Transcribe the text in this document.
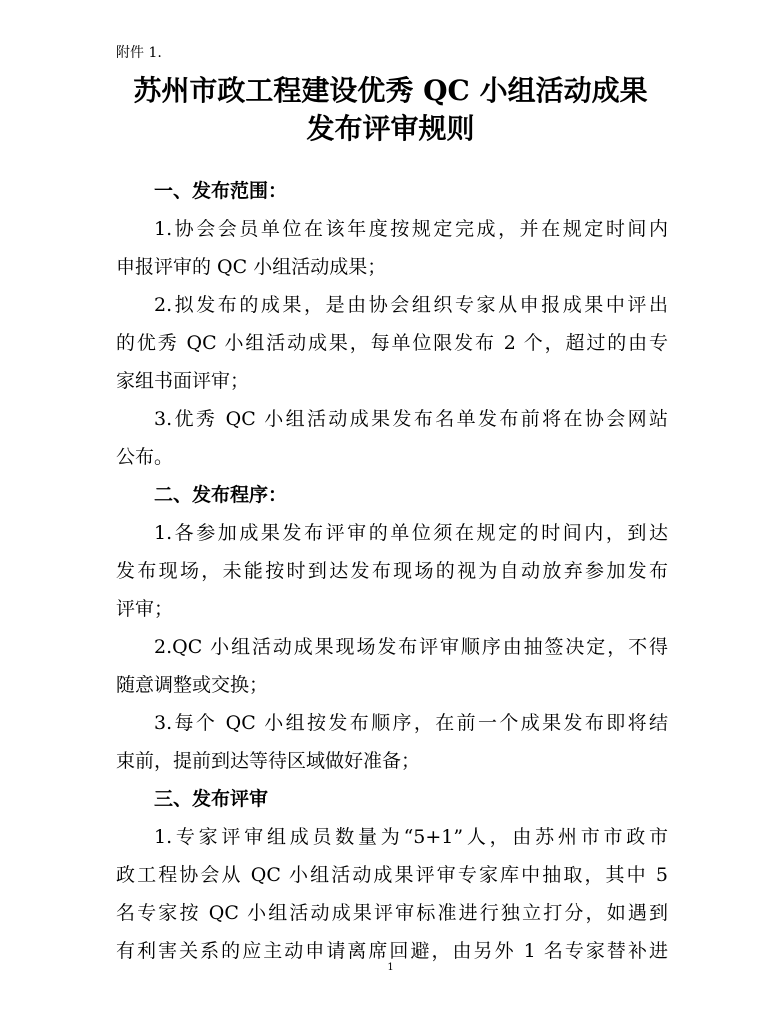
附件 1.
苏州市政工程建设优秀 QC 小组活动成果
发布评审规则
一、发布范围：
1.协会会员单位在该年度按规定完成，并在规定时间内
申报评审的 QC 小组活动成果；
2.拟发布的成果，是由协会组织专家从申报成果中评出
的优秀 QC 小组活动成果，每单位限发布 2 个，超过的由专
家组书面评审；
3.优秀 QC 小组活动成果发布名单发布前将在协会网站
公布。
二、发布程序：
1.各参加成果发布评审的单位须在规定的时间内，到达
发布现场，未能按时到达发布现场的视为自动放弃参加发布
评审；
2.QC 小组活动成果现场发布评审顺序由抽签决定，不得
随意调整或交换；
3.每个 QC 小组按发布顺序，在前一个成果发布即将结
束前，提前到达等待区域做好准备；
三、发布评审
1.专家评审组成员数量为“5+1”人，由苏州市市政市
政工程协会从 QC 小组活动成果评审专家库中抽取，其中 5
名专家按 QC 小组活动成果评审标准进行独立打分，如遇到
有利害关系的应主动申请离席回避，由另外 1 名专家替补进
1
